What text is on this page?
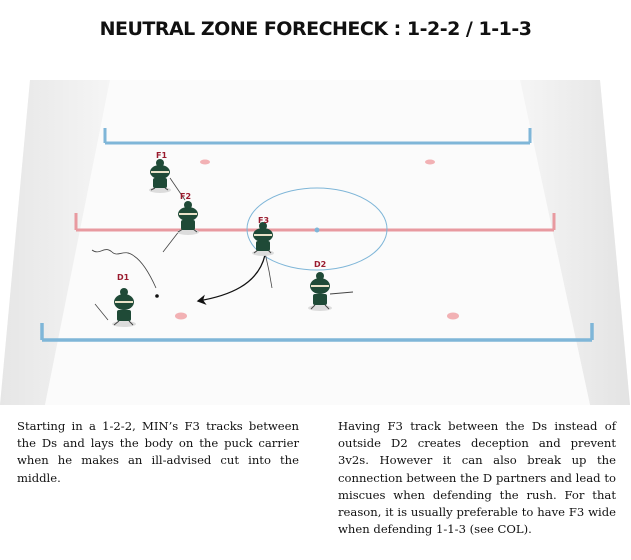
NEUTRAL ZONE FORECHECK : 1-2-2 / 1-1-3
F1
F2
F3
D1
D2
Starting in a 1-2-2, MIN’s F3 tracks between the Ds and lays the body on the puck carrier when he makes an ill-advised cut into the middle.
Having F3 track between the Ds instead of outside D2 creates deception and prevent 3v2s. However it can also break up the connection between the D partners and lead to miscues when defending the rush. For that reason, it is usually preferable to have F3 wide when defending 1-1-3 (see COL).
